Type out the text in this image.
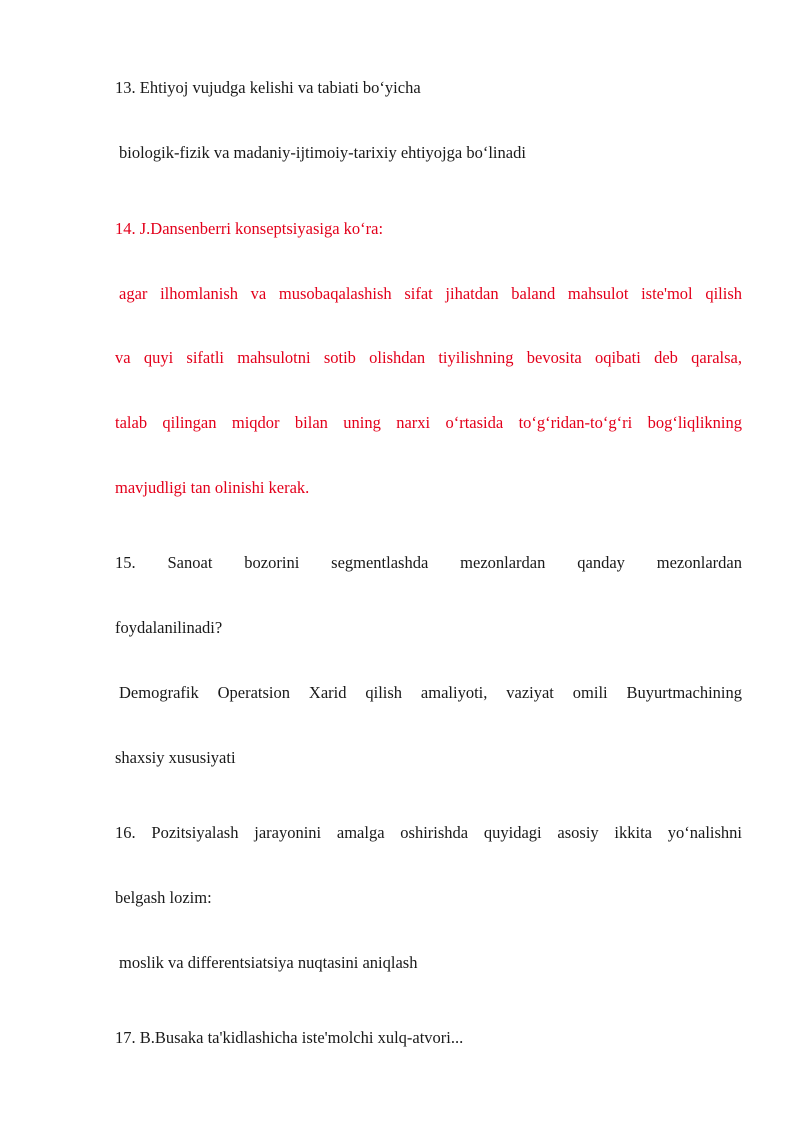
13. Ehtiyoj vujudga kelishi va tabiati bo‘yicha
biologik-fizik va madaniy-ijtimoiy-tarixiy ehtiyojga bo‘linadi
14. J.Dansenberri konseptsiyasiga ko‘ra:
agar ilhomlanish va musobaqalashish sifat jihatdan baland mahsulot iste'mol qilish
va quyi sifatli mahsulotni sotib olishdan tiyilishning bevosita oqibati deb qaralsa,
talab qilingan miqdor bilan uning narxi o‘rtasida to‘g‘ridan-to‘g‘ri bog‘liqlikning
mavjudligi tan olinishi kerak.
15. Sanoat bozorini segmentlashda mezonlardan qanday mezonlardan
foydalanilinadi?
Demografik Operatsion Xarid qilish amaliyoti, vaziyat omili Buyurtmachining
shaxsiy xususiyati
16. Pozitsiyalash jarayonini amalga oshirishda quyidagi asosiy ikkita yo‘nalishni
belgash lozim:
moslik va differentsiatsiya nuqtasini aniqlash
17. B.Busaka ta'kidlashicha iste'molchi xulq-atvori...
